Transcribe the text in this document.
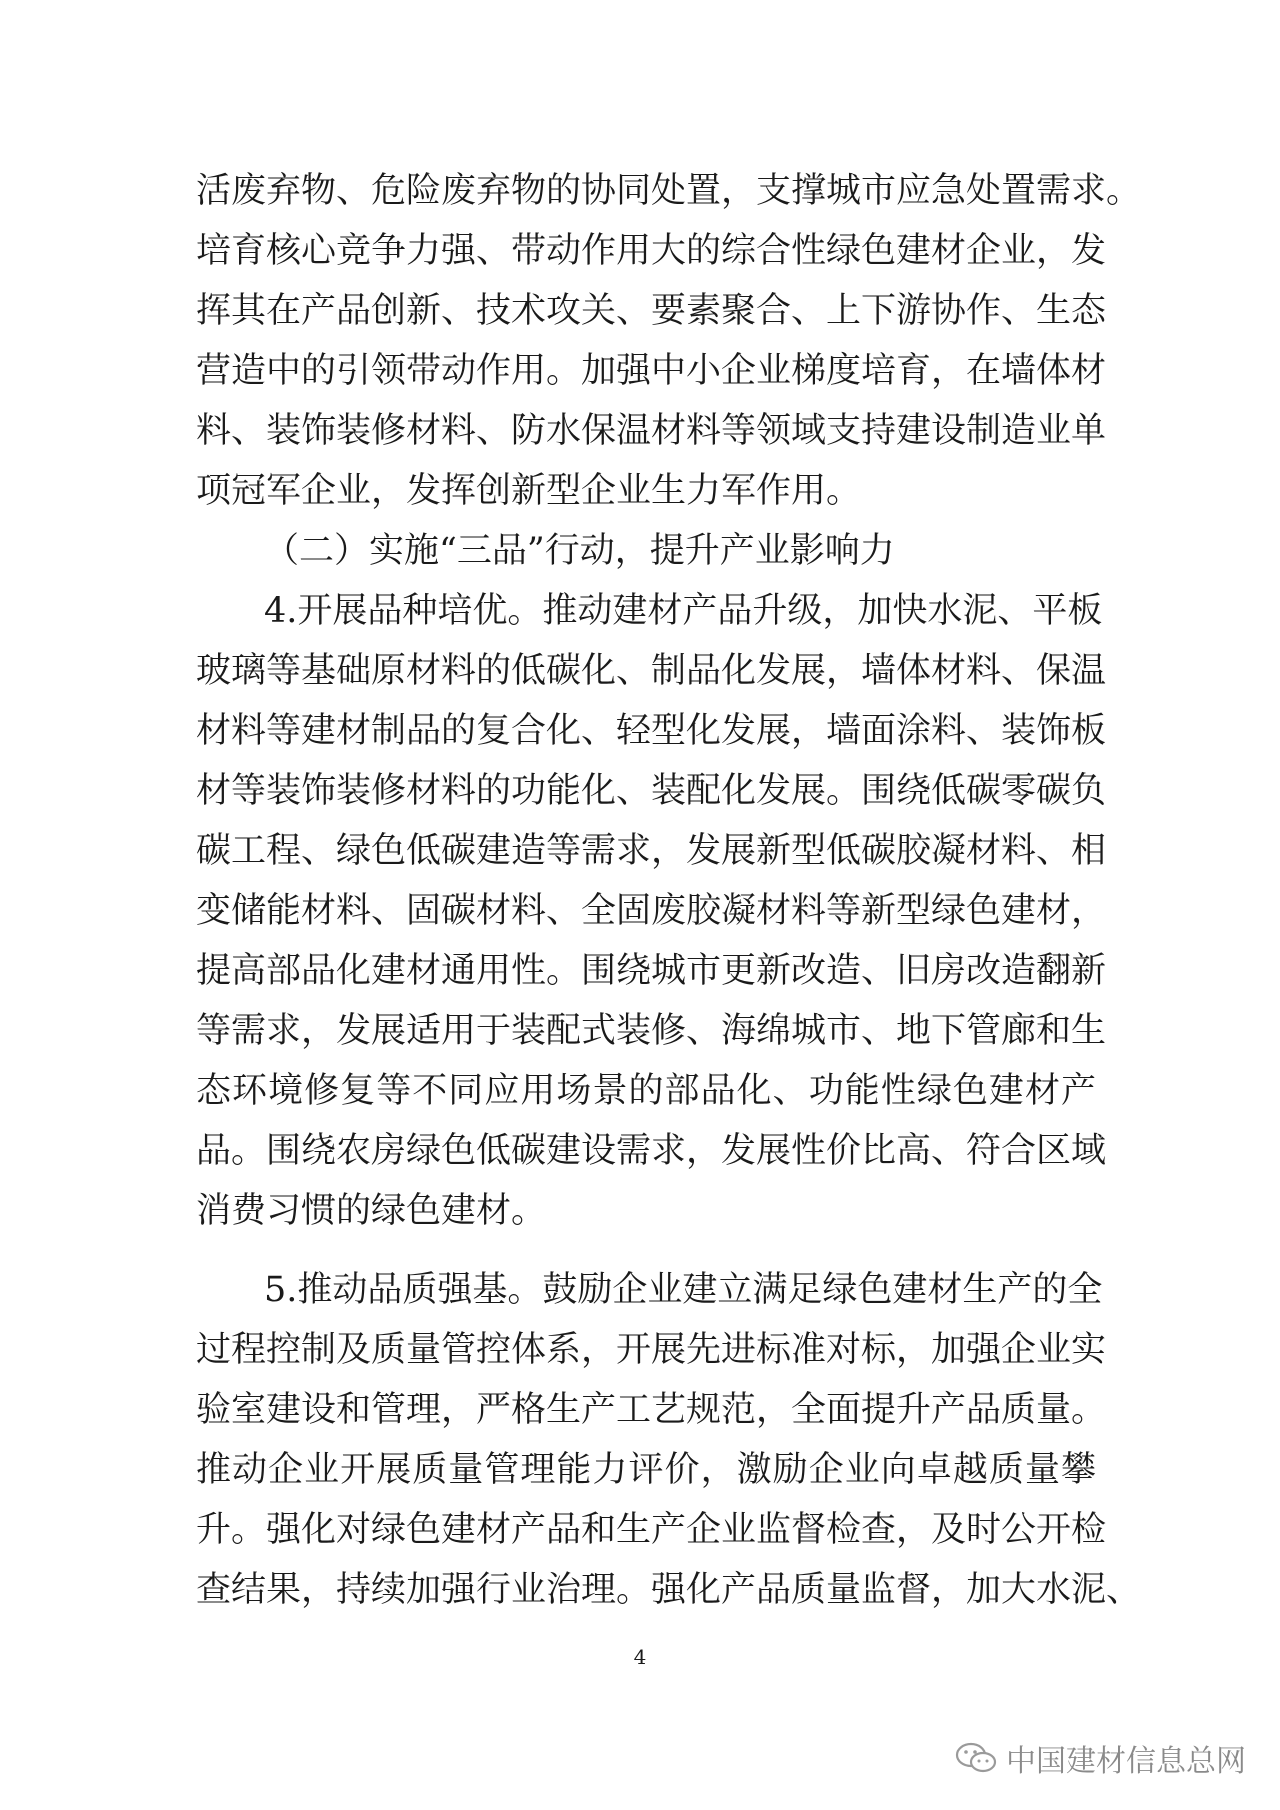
活废弃物、危险废弃物的协同处置，支撑城市应急处置需求。
培育核心竞争力强、带动作用大的综合性绿色建材企业，发
挥其在产品创新、技术攻关、要素聚合、上下游协作、生态
营造中的引领带动作用。加强中小企业梯度培育，在墙体材
料、装饰装修材料、防水保温材料等领域支持建设制造业单
项冠军企业，发挥创新型企业生力军作用。
（二）实施“三品”行动，提升产业影响力
4.开展品种培优。推动建材产品升级，加快水泥、平板
玻璃等基础原材料的低碳化、制品化发展，墙体材料、保温
材料等建材制品的复合化、轻型化发展，墙面涂料、装饰板
材等装饰装修材料的功能化、装配化发展。围绕低碳零碳负
碳工程、绿色低碳建造等需求，发展新型低碳胶凝材料、相
变储能材料、固碳材料、全固废胶凝材料等新型绿色建材，
提高部品化建材通用性。围绕城市更新改造、旧房改造翻新
等需求，发展适用于装配式装修、海绵城市、地下管廊和生
态环境修复等不同应用场景的部品化、功能性绿色建材产
品。围绕农房绿色低碳建设需求，发展性价比高、符合区域
消费习惯的绿色建材。
5.推动品质强基。鼓励企业建立满足绿色建材生产的全
过程控制及质量管控体系，开展先进标准对标，加强企业实
验室建设和管理，严格生产工艺规范，全面提升产品质量。
推动企业开展质量管理能力评价，激励企业向卓越质量攀
升。强化对绿色建材产品和生产企业监督检查，及时公开检
查结果，持续加强行业治理。强化产品质量监督，加大水泥、
4
中国建材信息总网
